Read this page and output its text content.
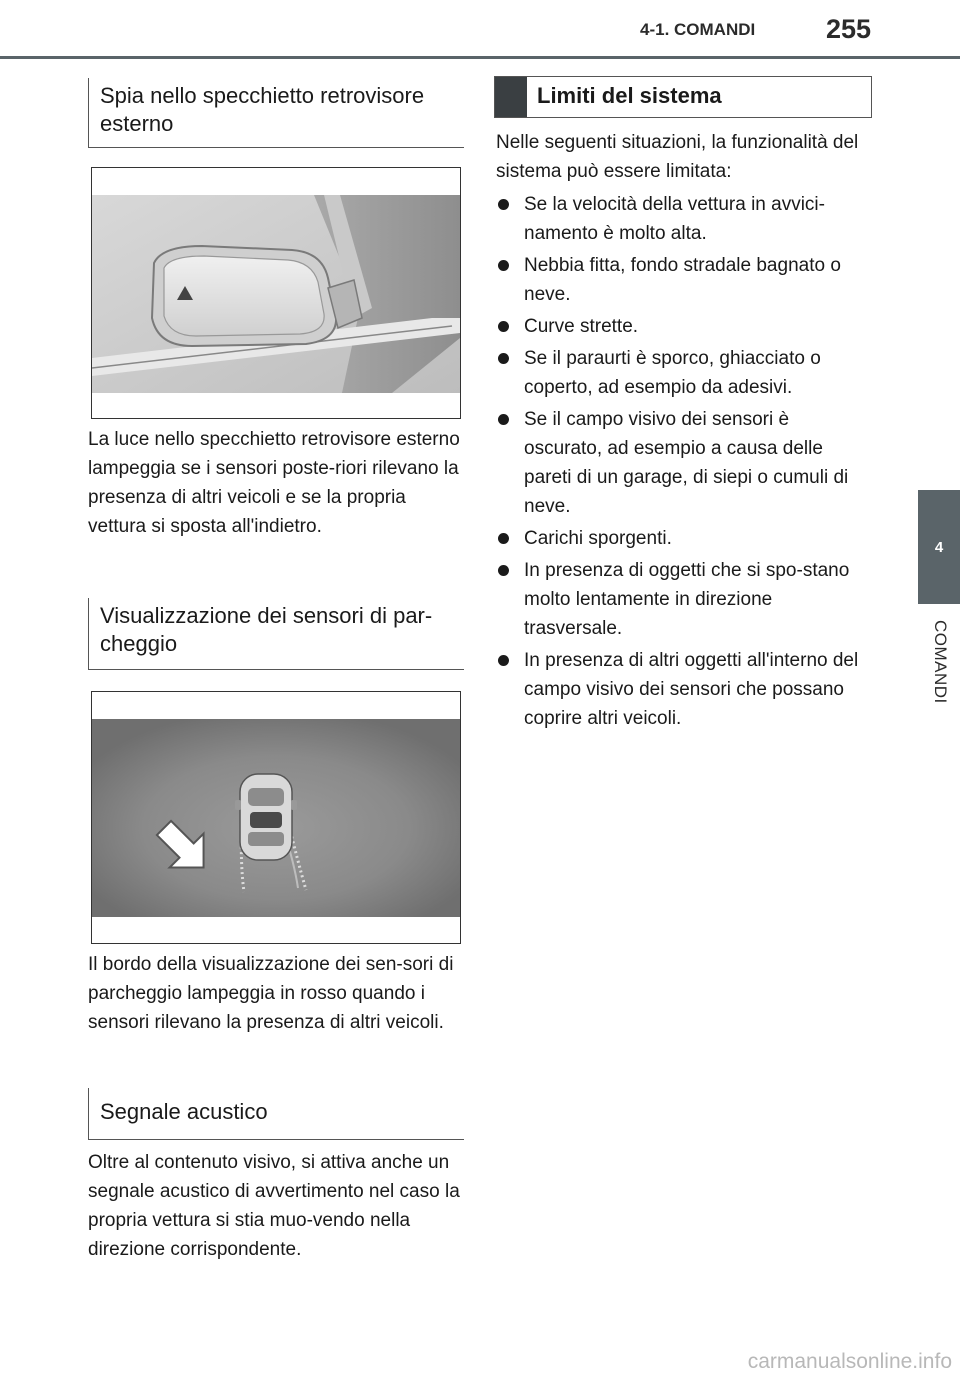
4-1. COMANDI	255
4
COMANDI
Spia nello specchietto retrovisore esterno

La luce nello specchietto retrovisore esterno lampeggia se i sensori poste-riori rilevano la presenza di altri veicoli e se la propria vettura si sposta all'indietro.

Visualizzazione dei sensori di par-cheggio

Il bordo della visualizzazione dei sen-sori di parcheggio lampeggia in rosso quando i sensori rilevano la presenza di altri veicoli.

Segnale acustico

Oltre al contenuto visivo, si attiva anche un segnale acustico di avvertimento nel caso la propria vettura si stia muo-vendo nella direzione corrispondente.

Limiti del sistema

Nelle seguenti situazioni, la funzionalità del sistema può essere limitata:

Se la velocità della vettura in avvici-namento è molto alta.
Nebbia fitta, fondo stradale bagnato o neve.
Curve strette.
Se il paraurti è sporco, ghiacciato o coperto, ad esempio da adesivi.
Se il campo visivo dei sensori è oscurato, ad esempio a causa delle pareti di un garage, di siepi o cumuli di neve.
Carichi sporgenti.
In presenza di oggetti che si spo-stano molto lentamente in direzione trasversale.
In presenza di altri oggetti all'interno del campo visivo dei sensori che possano coprire altri veicoli.
carmanualsonline.info
